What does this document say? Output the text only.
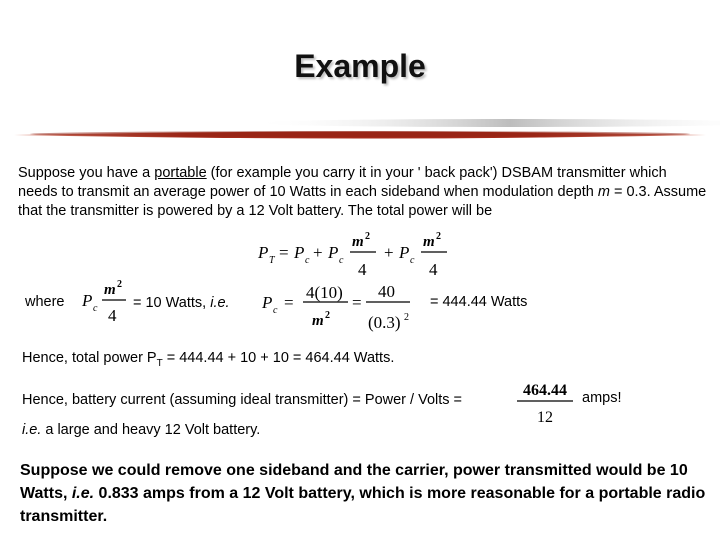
Example
Suppose you have a portable (for example you carry it in your ' back pack') DSBAM transmitter which needs to transmit an average power of 10 Watts in each sideband when modulation depth m = 0.3. Assume that the transmitter is powered by a 12 Volt battery. The total power will be
P T = P c + P c
m 2
4
+ P c
m 2
4
where P c
m 2
4
= 10 Watts, i.e. P c =
4(10)
m 2
=
40
(0.3) 2
= 444.44 Watts
Hence, total power $P_T = 444.44 + 10 + 10 = 464.44$ Watts.
Hence, battery current (assuming ideal transmitter) = Power / Volts =
464.44
12
amps!
i.e. a large and heavy 12 Volt battery.
Suppose we could remove one sideband and the carrier, power transmitted would be 10 Watts, i.e. 0.833 amps from a 12 Volt battery, which is more reasonable for a portable radio transmitter.
